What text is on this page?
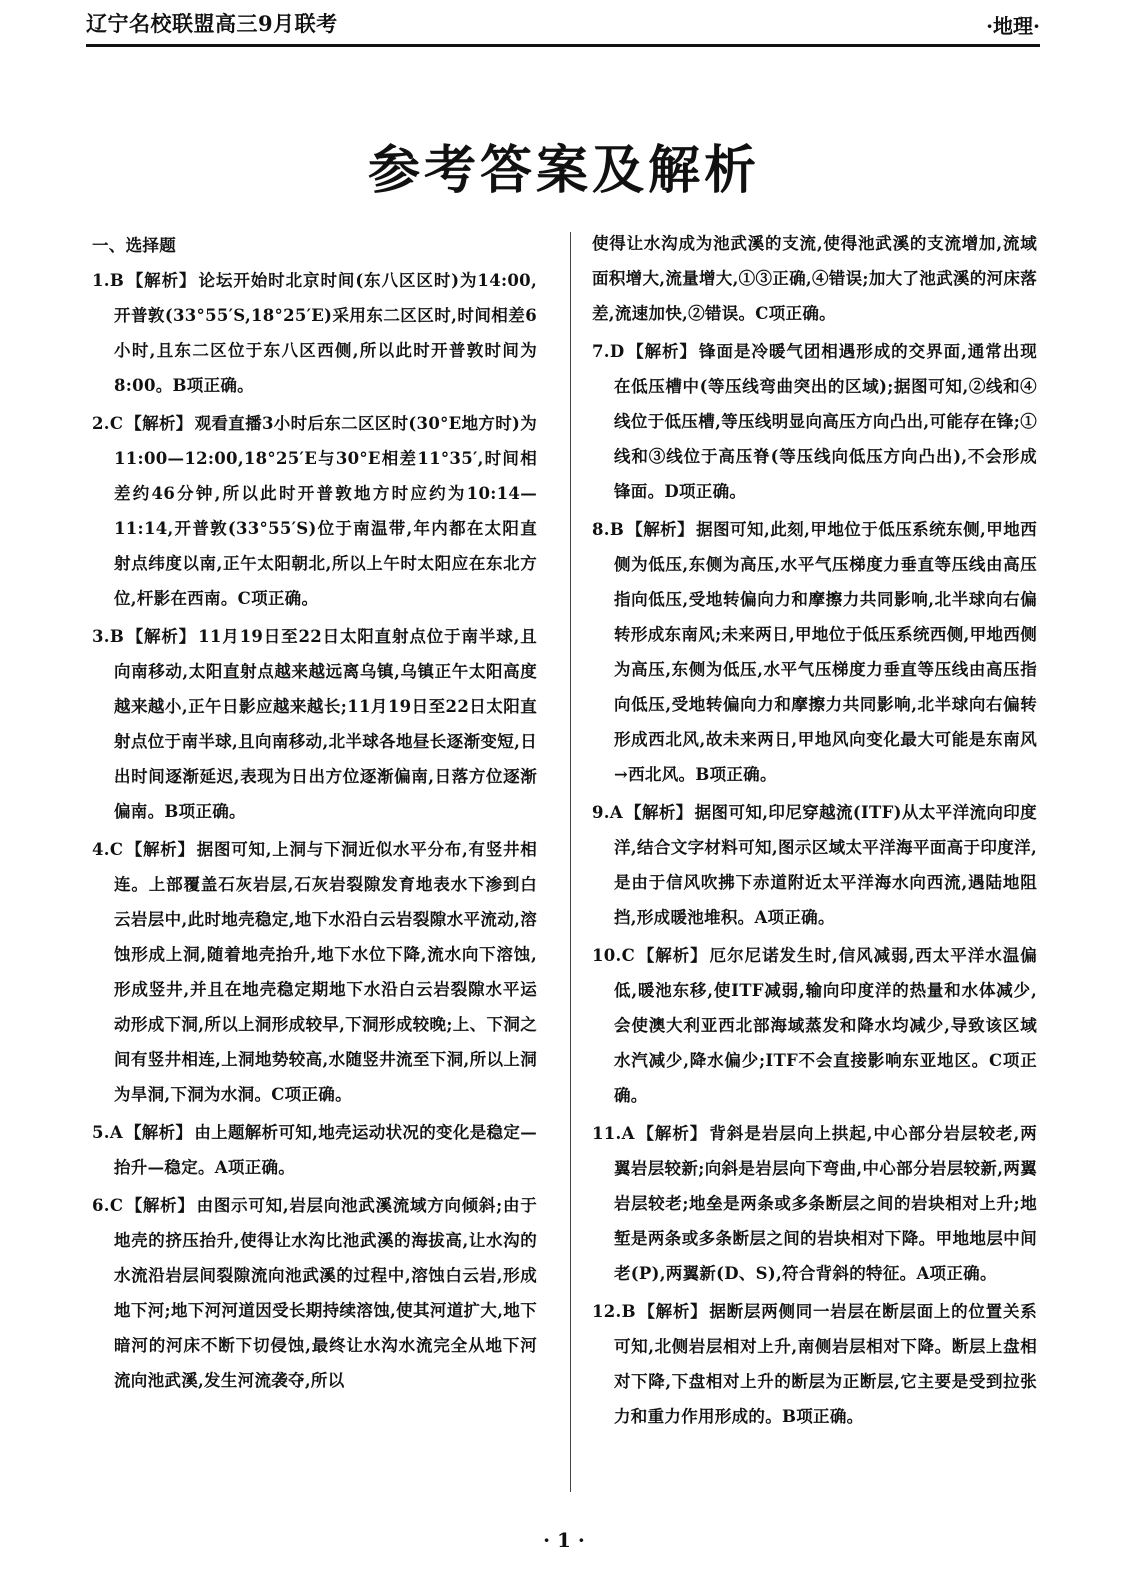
辽宁名校联盟高三9月联考	·地理·
参考答案及解析

一、选择题

1.B 【解析】 论坛开始时北京时间(东八区区时)为14:00,开普敦(33°55′S,18°25′E)采用东二区区时,时间相差6小时,且东二区位于东八区西侧,所以此时开普敦时间为8:00。B项正确。

2.C 【解析】 观看直播3小时后东二区区时(30°E地方时)为11:00—12:00,18°25′E与30°E相差11°35′,时间相差约46分钟,所以此时开普敦地方时应约为10:14—11:14,开普敦(33°55′S)位于南温带,年内都在太阳直射点纬度以南,正午太阳朝北,所以上午时太阳应在东北方位,杆影在西南。C项正确。

3.B 【解析】 11月19日至22日太阳直射点位于南半球,且向南移动,太阳直射点越来越远离乌镇,乌镇正午太阳高度越来越小,正午日影应越来越长;11月19日至22日太阳直射点位于南半球,且向南移动,北半球各地昼长逐渐变短,日出时间逐渐延迟,表现为日出方位逐渐偏南,日落方位逐渐偏南。B项正确。

4.C 【解析】 据图可知,上洞与下洞近似水平分布,有竖井相连。上部覆盖石灰岩层,石灰岩裂隙发育地表水下渗到白云岩层中,此时地壳稳定,地下水沿白云岩裂隙水平流动,溶蚀形成上洞,随着地壳抬升,地下水位下降,流水向下溶蚀,形成竖井,并且在地壳稳定期地下水沿白云岩裂隙水平运动形成下洞,所以上洞形成较早,下洞形成较晚;上、下洞之间有竖井相连,上洞地势较高,水随竖井流至下洞,所以上洞为旱洞,下洞为水洞。C项正确。

5.A 【解析】 由上题解析可知,地壳运动状况的变化是稳定—抬升—稳定。A项正确。

6.C 【解析】 由图示可知,岩层向池武溪流域方向倾斜;由于地壳的挤压抬升,使得让水沟比池武溪的海拔高,让水沟的水流沿岩层间裂隙流向池武溪的过程中,溶蚀白云岩,形成地下河;地下河河道因受长期持续溶蚀,使其河道扩大,地下暗河的河床不断下切侵蚀,最终让水沟水流完全从地下河流向池武溪,发生河流袭夺,所以

使得让水沟成为池武溪的支流,使得池武溪的支流增加,流域面积增大,流量增大,①③正确,④错误;加大了池武溪的河床落差,流速加快,②错误。C项正确。

7.D 【解析】 锋面是冷暖气团相遇形成的交界面,通常出现在低压槽中(等压线弯曲突出的区域);据图可知,②线和④线位于低压槽,等压线明显向高压方向凸出,可能存在锋;①线和③线位于高压脊(等压线向低压方向凸出),不会形成锋面。D项正确。

8.B 【解析】 据图可知,此刻,甲地位于低压系统东侧,甲地西侧为低压,东侧为高压,水平气压梯度力垂直等压线由高压指向低压,受地转偏向力和摩擦力共同影响,北半球向右偏转形成东南风;未来两日,甲地位于低压系统西侧,甲地西侧为高压,东侧为低压,水平气压梯度力垂直等压线由高压指向低压,受地转偏向力和摩擦力共同影响,北半球向右偏转形成西北风,故未来两日,甲地风向变化最大可能是东南风→西北风。B项正确。

9.A 【解析】 据图可知,印尼穿越流(ITF)从太平洋流向印度洋,结合文字材料可知,图示区域太平洋海平面高于印度洋,是由于信风吹拂下赤道附近太平洋海水向西流,遇陆地阻挡,形成暖池堆积。A项正确。

10.C 【解析】 厄尔尼诺发生时,信风减弱,西太平洋水温偏低,暖池东移,使ITF减弱,输向印度洋的热量和水体减少,会使澳大利亚西北部海域蒸发和降水均减少,导致该区域水汽减少,降水偏少;ITF不会直接影响东亚地区。C项正确。

11.A 【解析】 背斜是岩层向上拱起,中心部分岩层较老,两翼岩层较新;向斜是岩层向下弯曲,中心部分岩层较新,两翼岩层较老;地垒是两条或多条断层之间的岩块相对上升;地堑是两条或多条断层之间的岩块相对下降。甲地地层中间老(P),两翼新(D、S),符合背斜的特征。A项正确。

12.B 【解析】 据断层两侧同一岩层在断层面上的位置关系可知,北侧岩层相对上升,南侧岩层相对下降。断层上盘相对下降,下盘相对上升的断层为正断层,它主要是受到拉张力和重力作用形成的。B项正确。

· 1 ·
